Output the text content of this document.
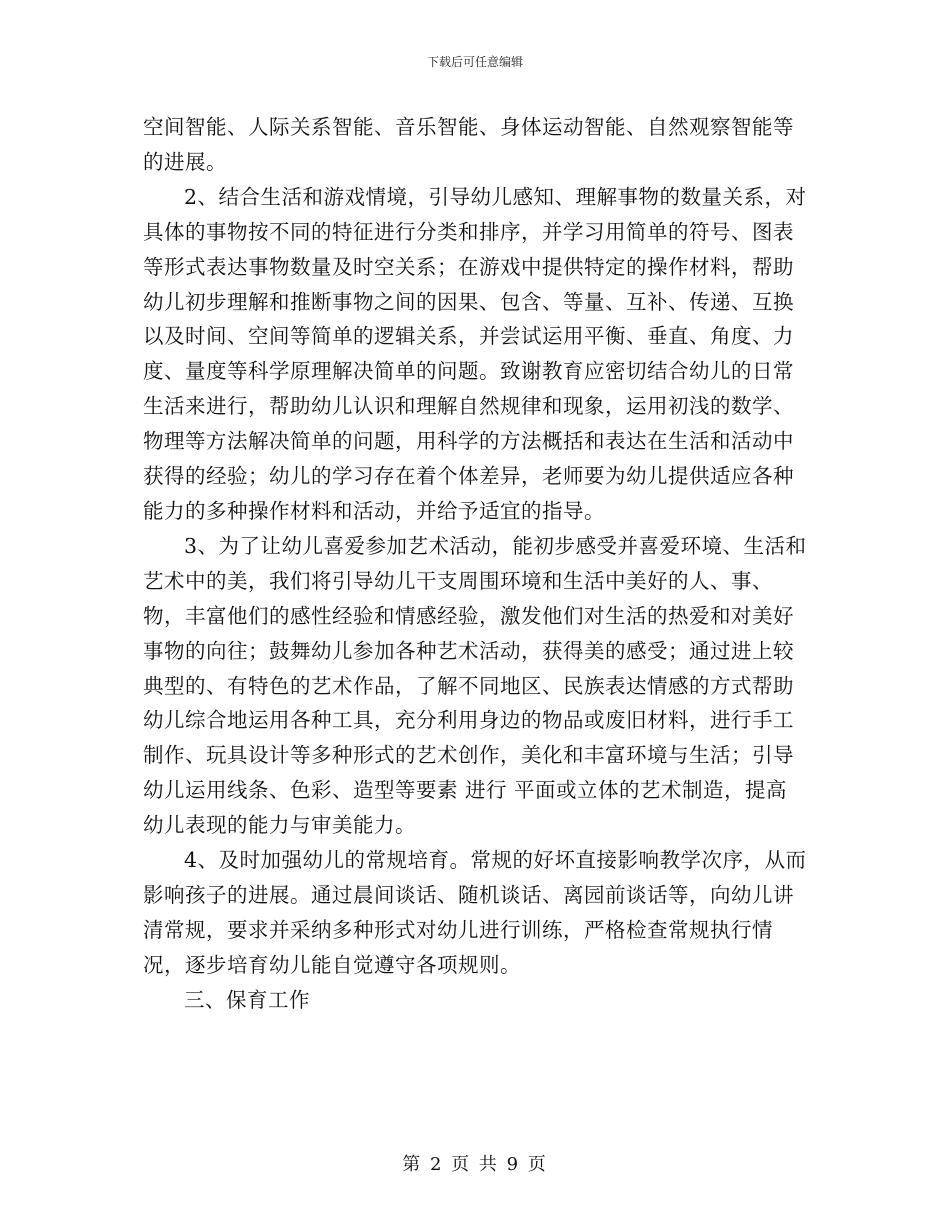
下载后可任意编辑

空间智能、人际关系智能、音乐智能、身体运动智能、自然观察智能等的进展。

2、结合生活和游戏情境，引导幼儿感知、理解事物的数量关系，对具体的事物按不同的特征进行分类和排序，并学习用简单的符号、图表等形式表达事物数量及时空关系；在游戏中提供特定的操作材料，帮助幼儿初步理解和推断事物之间的因果、包含、等量、互补、传递、互换以及时间、空间等简单的逻辑关系，并尝试运用平衡、垂直、角度、力度、量度等科学原理解决简单的问题。致谢教育应密切结合幼儿的日常生活来进行，帮助幼儿认识和理解自然规律和现象，运用初浅的数学、物理等方法解决简单的问题，用科学的方法概括和表达在生活和活动中获得的经验；幼儿的学习存在着个体差异，老师要为幼儿提供适应各种能力的多种操作材料和活动，并给予适宜的指导。

3、为了让幼儿喜爱参加艺术活动，能初步感受并喜爱环境、生活和艺术中的美，我们将引导幼儿干支周围环境和生活中美好的人、事、物，丰富他们的感性经验和情感经验，激发他们对生活的热爱和对美好事物的向往；鼓舞幼儿参加各种艺术活动，获得美的感受；通过进上较典型的、有特色的艺术作品，了解不同地区、民族表达情感的方式帮助幼儿综合地运用各种工具，充分利用身边的物品或废旧材料，进行手工制作、玩具设计等多种形式的艺术创作，美化和丰富环境与生活；引导幼儿运用线条、色彩、造型等要素 进行 平面或立体的艺术制造，提高幼儿表现的能力与审美能力。

4、及时加强幼儿的常规培育。常规的好坏直接影响教学次序，从而影响孩子的进展。通过晨间谈话、随机谈话、离园前谈话等，向幼儿讲清常规，要求并采纳多种形式对幼儿进行训练，严格检查常规执行情况，逐步培育幼儿能自觉遵守各项规则。

三、保育工作

第 2 页 共 9 页
